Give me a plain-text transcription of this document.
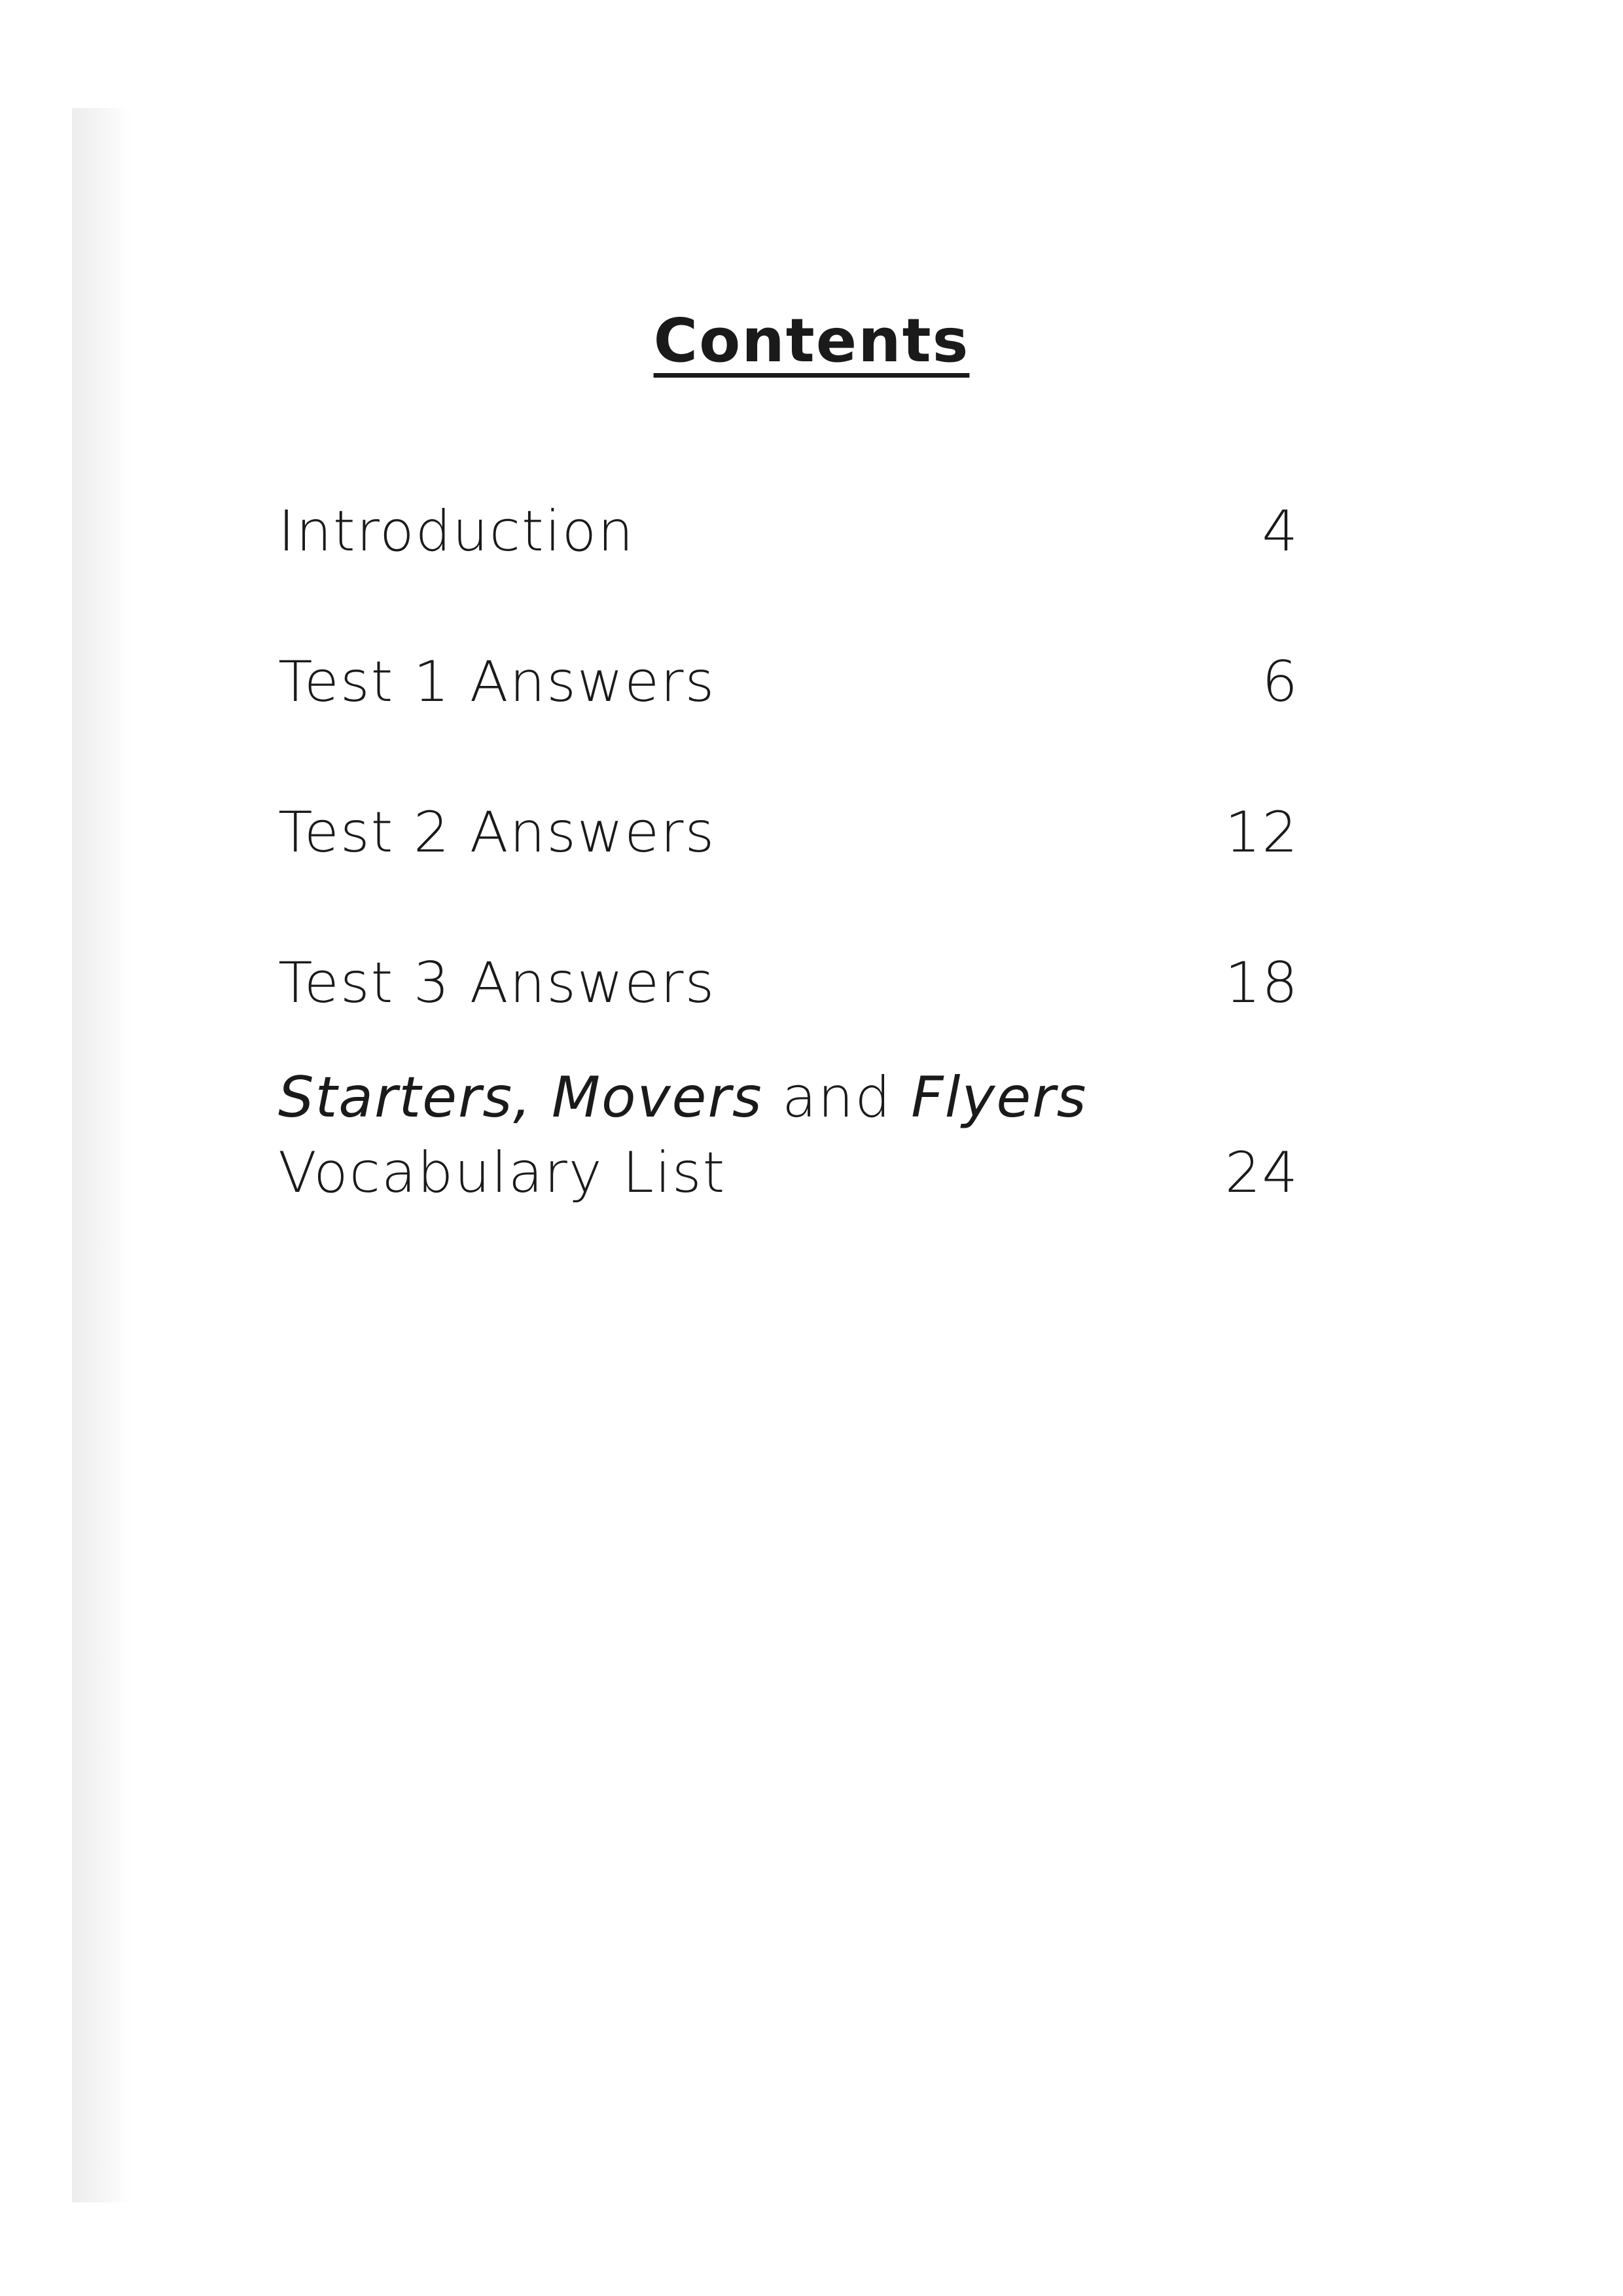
Contents
Introduction	4
Test 1 Answers	6
Test 2 Answers	12
Test 3 Answers	18
Starters, Movers and Flyers
Vocabulary List	24
